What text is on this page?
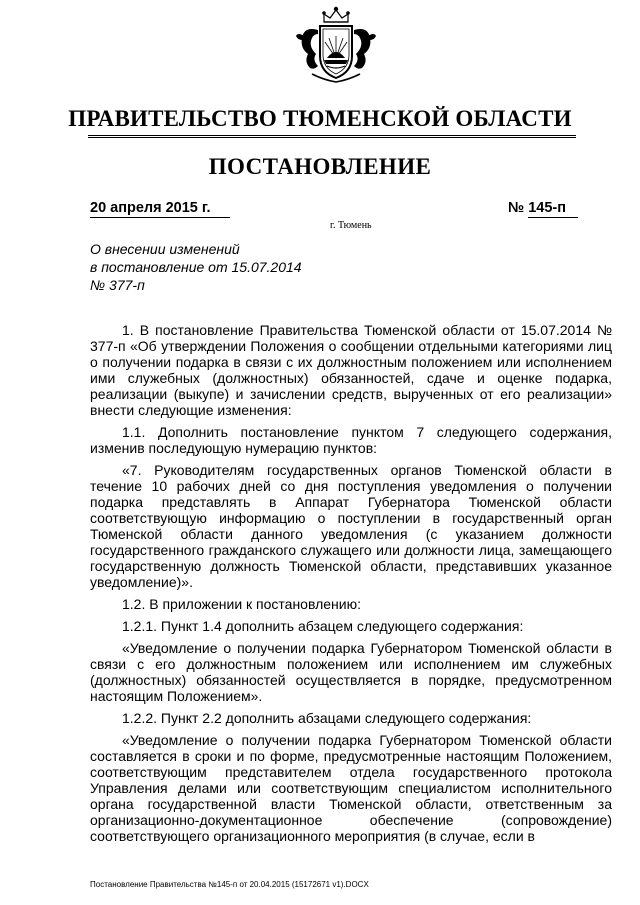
ПРАВИТЕЛЬСТВО ТЮМЕНСКОЙ ОБЛАСТИ
ПОСТАНОВЛЕНИЕ
20 апреля 2015 г.	№ 145-п
г. Тюмень
О внесении изменений
в постановление от 15.07.2014
№ 377-п

1. В постановление Правительства Тюменской области от 15.07.2014 № 377-п «Об утверждении Положения о сообщении отдельными категориями лиц о получении подарка в связи с их должностным положением или исполнением ими служебных (должностных) обязанностей, сдаче и оценке подарка, реализации (выкупе) и зачислении средств, вырученных от его реализации» внести следующие изменения:

1.1. Дополнить постановление пунктом 7 следующего содержания, изменив последующую нумерацию пунктов:

«7. Руководителям государственных органов Тюменской области в течение 10 рабочих дней со дня поступления уведомления о получении подарка представлять в Аппарат Губернатора Тюменской области соответствующую информацию о поступлении в государственный орган Тюменской области данного уведомления (с указанием должности государственного гражданского служащего или должности лица, замещающего государственную должность Тюменской области, представивших указанное уведомление)».

1.2. В приложении к постановлению:

1.2.1. Пункт 1.4 дополнить абзацем следующего содержания:

«Уведомление о получении подарка Губернатором Тюменской области в связи с его должностным положением или исполнением им служебных (должностных) обязанностей осуществляется в порядке, предусмотренном настоящим Положением».

1.2.2. Пункт 2.2 дополнить абзацами следующего содержания:

«Уведомление о получении подарка Губернатором Тюменской области составляется в сроки и по форме, предусмотренные настоящим Положением, соответствующим представителем отдела государственного протокола Управления делами или соответствующим специалистом исполнительного органа государственной власти Тюменской области, ответственным за организационно-документационное обеспечение (сопровождение) соответствующего организационного мероприятия (в случае, если в

Постановление Правительства №145-п от 20.04.2015 (15172671 v1).DOCX
